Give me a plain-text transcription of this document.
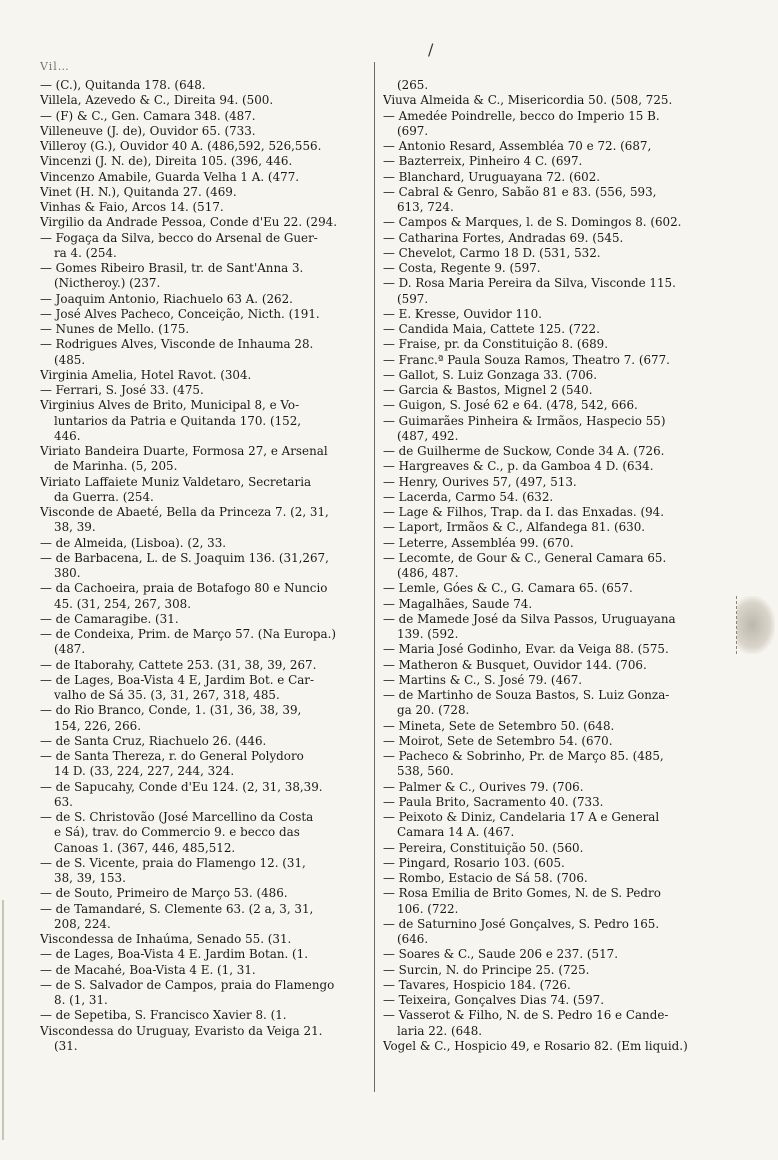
Vil…
/
— (C.), Quitanda 178. (648.
Villela, Azevedo & C., Direita 94. (500.
— (F) & C., Gen. Camara 348. (487.
Villeneuve (J. de), Ouvidor 65. (733.
Villeroy (G.), Ouvidor 40 A. (486,592, 526,556.
Vincenzi (J. N. de), Direita 105. (396, 446.
Vincenzo Amabile, Guarda Velha 1 A. (477.
Vinet (H. N.), Quitanda 27. (469.
Vinhas & Faio, Arcos 14. (517.
Virgilio da Andrade Pessoa, Conde d'Eu 22. (294.
— Fogaça da Silva, becco do Arsenal de Guer-
ra 4. (254.
— Gomes Ribeiro Brasil, tr. de Sant'Anna 3.
(Nictheroy.) (237.
— Joaquim Antonio, Riachuelo 63 A. (262.
— José Alves Pacheco, Conceição, Nicth. (191.
— Nunes de Mello. (175.
— Rodrigues Alves, Visconde de Inhauma 28.
(485.
Virginia Amelia, Hotel Ravot. (304.
— Ferrari, S. José 33. (475.
Virginius Alves de Brito, Municipal 8, e Vo-
luntarios da Patria e Quitanda 170. (152,
446.
Viriato Bandeira Duarte, Formosa 27, e Arsenal
de Marinha. (5, 205.
Viriato Laffaiete Muniz Valdetaro, Secretaria
da Guerra. (254.
Visconde de Abaeté, Bella da Princeza 7. (2, 31,
38, 39.
— de Almeida, (Lisboa). (2, 33.
— de Barbacena, L. de S. Joaquim 136. (31,267,
380.
— da Cachoeira, praia de Botafogo 80 e Nuncio
45. (31, 254, 267, 308.
— de Camaragibe. (31.
— de Condeixa, Prim. de Março 57. (Na Europa.)
(487.
— de Itaborahy, Cattete 253. (31, 38, 39, 267.
— de Lages, Boa-Vista 4 E, Jardim Bot. e Car-
valho de Sá 35. (3, 31, 267, 318, 485.
— do Rio Branco, Conde, 1. (31, 36, 38, 39,
154, 226, 266.
— de Santa Cruz, Riachuelo 26. (446.
— de Santa Thereza, r. do General Polydoro
14 D. (33, 224, 227, 244, 324.
— de Sapucahy, Conde d'Eu 124. (2, 31, 38,39.
63.
— de S. Christovão (José Marcellino da Costa
e Sá), trav. do Commercio 9. e becco das
Canoas 1. (367, 446, 485,512.
— de S. Vicente, praia do Flamengo 12. (31,
38, 39, 153.
— de Souto, Primeiro de Março 53. (486.
— de Tamandaré, S. Clemente 63. (2 a, 3, 31,
208, 224.
Viscondessa de Inhaúma, Senado 55. (31.
— de Lages, Boa-Vista 4 E. Jardim Botan. (1.
— de Macahé, Boa-Vista 4 E. (1, 31.
— de S. Salvador de Campos, praia do Flamengo
8. (1, 31.
— de Sepetiba, S. Francisco Xavier 8. (1.
Viscondessa do Uruguay, Evaristo da Veiga 21.
(31.
(265.
Viuva Almeida & C., Misericordia 50. (508, 725.
— Amedée Poindrelle, becco do Imperio 15 B.
(697.
— Antonio Resard, Assembléa 70 e 72. (687,
— Bazterreix, Pinheiro 4 C. (697.
— Blanchard, Uruguayana 72. (602.
— Cabral & Genro, Sabão 81 e 83. (556, 593,
613, 724.
— Campos & Marques, l. de S. Domingos 8. (602.
— Catharina Fortes, Andradas 69. (545.
— Chevelot, Carmo 18 D. (531, 532.
— Costa, Regente 9. (597.
— D. Rosa Maria Pereira da Silva, Visconde 115.
(597.
— E. Kresse, Ouvidor 110.
— Candida Maia, Cattete 125. (722.
— Fraise, pr. da Constituição 8. (689.
— Franc.ª Paula Souza Ramos, Theatro 7. (677.
— Gallot, S. Luiz Gonzaga 33. (706.
— Garcia & Bastos, Mignel 2 (540.
— Guigon, S. José 62 e 64. (478, 542, 666.
— Guimarães Pinheira & Irmãos, Haspecio 55)
(487, 492.
— de Guilherme de Suckow, Conde 34 A. (726.
— Hargreaves & C., p. da Gamboa 4 D. (634.
— Henry, Ourives 57, (497, 513.
— Lacerda, Carmo 54. (632.
— Lage & Filhos, Trap. da I. das Enxadas. (94.
— Laport, Irmãos & C., Alfandega 81. (630.
— Leterre, Assembléa 99. (670.
— Lecomte, de Gour & C., General Camara 65.
(486, 487.
— Lemle, Góes & C., G. Camara 65. (657.
— Magalhães, Saude 74.
— de Mamede José da Silva Passos, Uruguayana
139. (592.
— Maria José Godinho, Evar. da Veiga 88. (575.
— Matheron & Busquet, Ouvidor 144. (706.
— Martins & C., S. José 79. (467.
— de Martinho de Souza Bastos, S. Luiz Gonza-
ga 20. (728.
— Mineta, Sete de Setembro 50. (648.
— Moirot, Sete de Setembro 54. (670.
— Pacheco & Sobrinho, Pr. de Março 85. (485,
538, 560.
— Palmer & C., Ourives 79. (706.
— Paula Brito, Sacramento 40. (733.
— Peixoto & Diniz, Candelaria 17 A e General
Camara 14 A. (467.
— Pereira, Constituição 50. (560.
— Pingard, Rosario 103. (605.
— Rombo, Estacio de Sá 58. (706.
— Rosa Emilia de Brito Gomes, N. de S. Pedro
106. (722.
— de Saturnino José Gonçalves, S. Pedro 165.
(646.
— Soares & C., Saude 206 e 237. (517.
— Surcin, N. do Principe 25. (725.
— Tavares, Hospicio 184. (726.
— Teixeira, Gonçalves Dias 74. (597.
— Vasserot & Filho, N. de S. Pedro 16 e Cande-
laria 22. (648.
Vogel & C., Hospicio 49, e Rosario 82. (Em liquid.)
